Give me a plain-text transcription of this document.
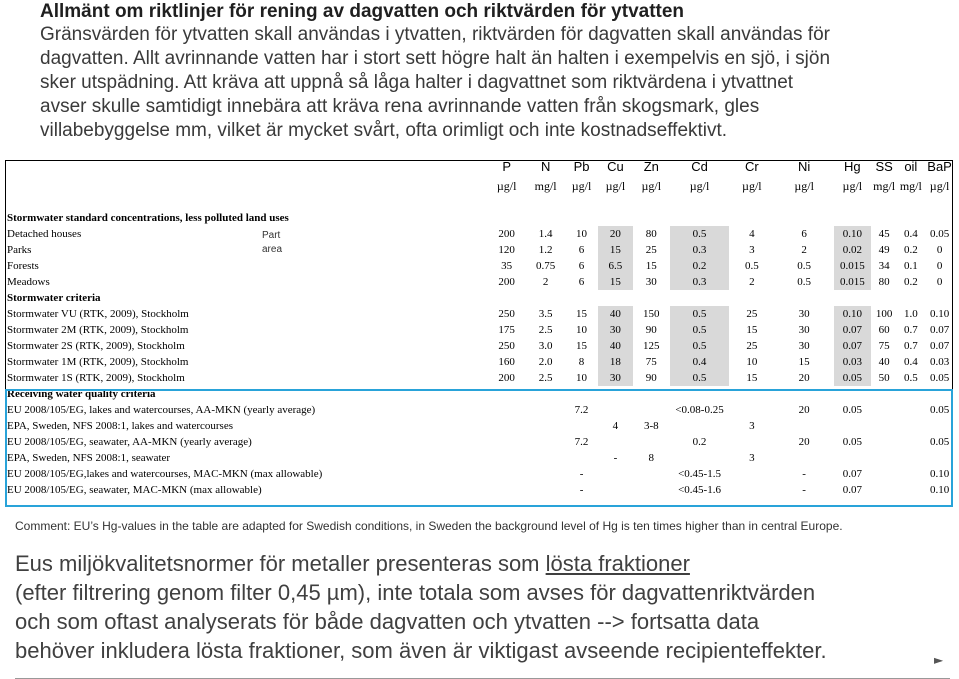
Allmänt om riktlinjer för rening av dagvatten och riktvärden för ytvatten

Gränsvärden för ytvatten skall användas i ytvatten, riktvärden för dagvatten skall användas för

dagvatten. Allt avrinnande vatten har i stort sett högre halt än halten i exempelvis en sjö, i sjön

sker utspädning. Att kräva att uppnå så låga halter i dagvattnet som riktvärdena i ytvattnet

avser skulle samtidigt innebära att kräva rena avrinnande vatten från skogsmark, gles

villabebyggelse mm, vilket är mycket svårt, ofta orimligt och inte kostnadseffektivt.

	P	N	Pb	Cu	Zn	Cd	Cr	Ni	Hg	SS	oil	BaP
	µg/l	mg/l	µg/l	µg/l	µg/l	µg/l	µg/l	µg/l	µg/l	mg/l	mg/l	µg/l

Stormwater standard concentrations, less polluted land uses												
Detached houses	200	1.4	10	20	80	0.5	4	6	0.10	45	0.4	0.05
Parks	120	1.2	6	15	25	0.3	3	2	0.02	49	0.2	0
Forests	35	0.75	6	6.5	15	0.2	0.5	0.5	0.015	34	0.1	0
Meadows	200	2	6	15	30	0.3	2	0.5	0.015	80	0.2	0
Stormwater criteria												
Stormwater VU (RTK, 2009), Stockholm	250	3.5	15	40	150	0.5	25	30	0.10	100	1.0	0.10
Stormwater 2M (RTK, 2009), Stockholm	175	2.5	10	30	90	0.5	15	30	0.07	60	0.7	0.07
Stormwater 2S (RTK, 2009), Stockholm	250	3.0	15	40	125	0.5	25	30	0.07	75	0.7	0.07
Stormwater 1M (RTK, 2009), Stockholm	160	2.0	8	18	75	0.4	10	15	0.03	40	0.4	0.03
Stormwater 1S (RTK, 2009), Stockholm	200	2.5	10	30	90	0.5	15	20	0.05	50	0.5	0.05
Receiving water quality criteria												
EU 2008/105/EG, lakes and watercourses, AA-MKN (yearly average)			7.2			<0.08-0.25		20	0.05			0.05
EPA, Sweden, NFS 2008:1, lakes and watercourses				4	3-8		3					
EU 2008/105/EG, seawater, AA-MKN (yearly average)			7.2			0.2		20	0.05			0.05
EPA, Sweden, NFS 2008:1, seawater				-	8		3					
EU 2008/105/EG,lakes and watercourses, MAC-MKN (max allowable)			-			<0.45-1.5		-	0.07			0.10
EU 2008/105/EG, seawater, MAC-MKN (max allowable)			-			<0.45-1.6		-	0.07			0.10
Part
area
Comment: EU’s Hg-values in the table are adapted for Swedish conditions, in Sweden the background level of Hg is ten times higher than in central Europe.

Eus miljökvalitetsnormer för metaller presenteras som lösta fraktioner

(efter filtrering genom filter 0,45 µm), inte totala som avses för dagvattenriktvärden

och som oftast analyserats för både dagvatten och ytvatten --> fortsatta data

behöver inkludera lösta fraktioner, som även är viktigast avseende recipienteffekter.	►
